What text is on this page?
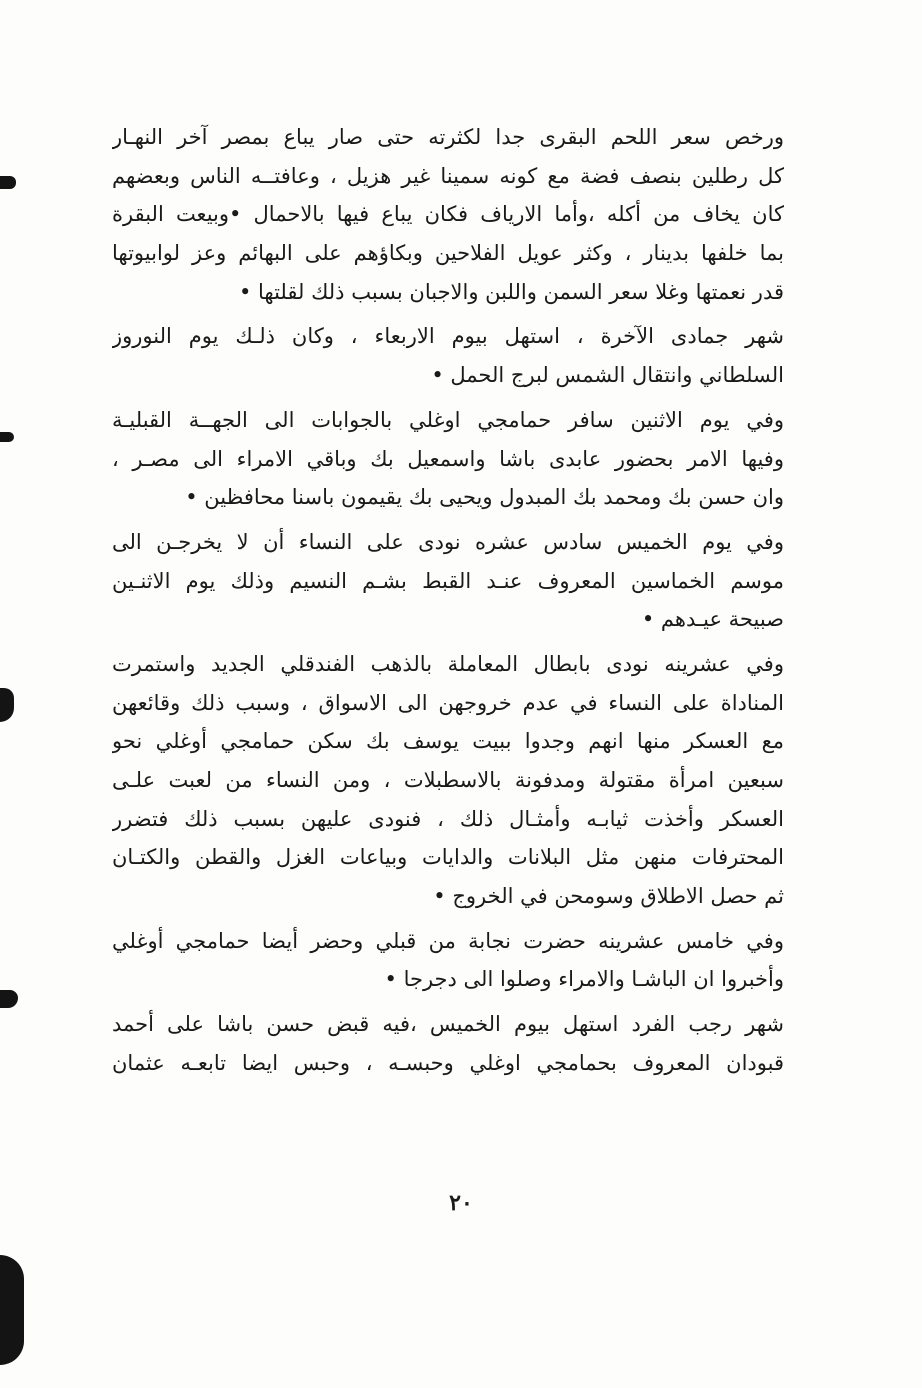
ورخص سعر اللحم البقرى جدا لكثرته حتى صار يباع بمصر آخر النهـار
كل رطلين بنصف فضة مع كونه سمينا غير هزيل ، وعافتــه الناس وبعضهم
كان يخاف من أكله ،وأما الارياف فكان يباع فيها بالاحمال •وبيعت البقرة
بما خلفها بدينار ، وكثر عويل الفلاحين وبكاؤهم على البهائم وعز لوابيوتها
قدر نعمتها وغلا سعر السمن واللبن والاجبان بسبب ذلك لقلتها •
شهر جمادى الآخرة ، استهل بيوم الاربعاء ، وكان ذلـك يوم النوروز
السلطاني وانتقال الشمس لبرج الحمل •
وفي يوم الاثنين سافر حمامجي اوغلي بالجوابات الى الجهــة القبليـة
وفيها الامر بحضور عابدى باشا واسمعيل بك وباقي الامراء الى مصـر ،
وان حسن بك ومحمد بك المبدول ويحيى بك يقيمون باسنا محافظين •
وفي يوم الخميس سادس عشره نودى على النساء أن لا يخرجـن الى
موسم الخماسين المعروف عنـد القبط بشـم النسيم وذلك يوم الاثنـين
صبيحة عيـدهم •
وفي عشرينه نودى بابطال المعاملة بالذهب الفندقلي الجديد واستمرت
المناداة على النساء في عدم خروجهن الى الاسواق ، وسبب ذلك وقائعهن
مع العسكر منها انهم وجدوا ببيت يوسف بك سكن حمامجي أوغلي نحو
سبعين امرأة مقتولة ومدفونة بالاسطبلات ، ومن النساء من لعبت علـى
العسكر وأخذت ثيابـه وأمثـال ذلك ، فنودى عليهن بسبب ذلك فتضرر
المحترفات منهن مثل البلانات والدايات وبياعات الغزل والقطن والكتـان
ثم حصل الاطلاق وسومحن في الخروج •
وفي خامس عشرينه حضرت نجابة من قبلي وحضر أيضا حمامجي أوغلي
وأخبروا ان الباشـا والامراء وصلوا الى دجرجا •
شهر رجب الفرد استهل بيوم الخميس ،فيه قبض حسن باشا على أحمد
قبودان المعروف بحمامجي اوغلي وحبسـه ، وحبس ايضا تابعـه عثمان
٢٠
